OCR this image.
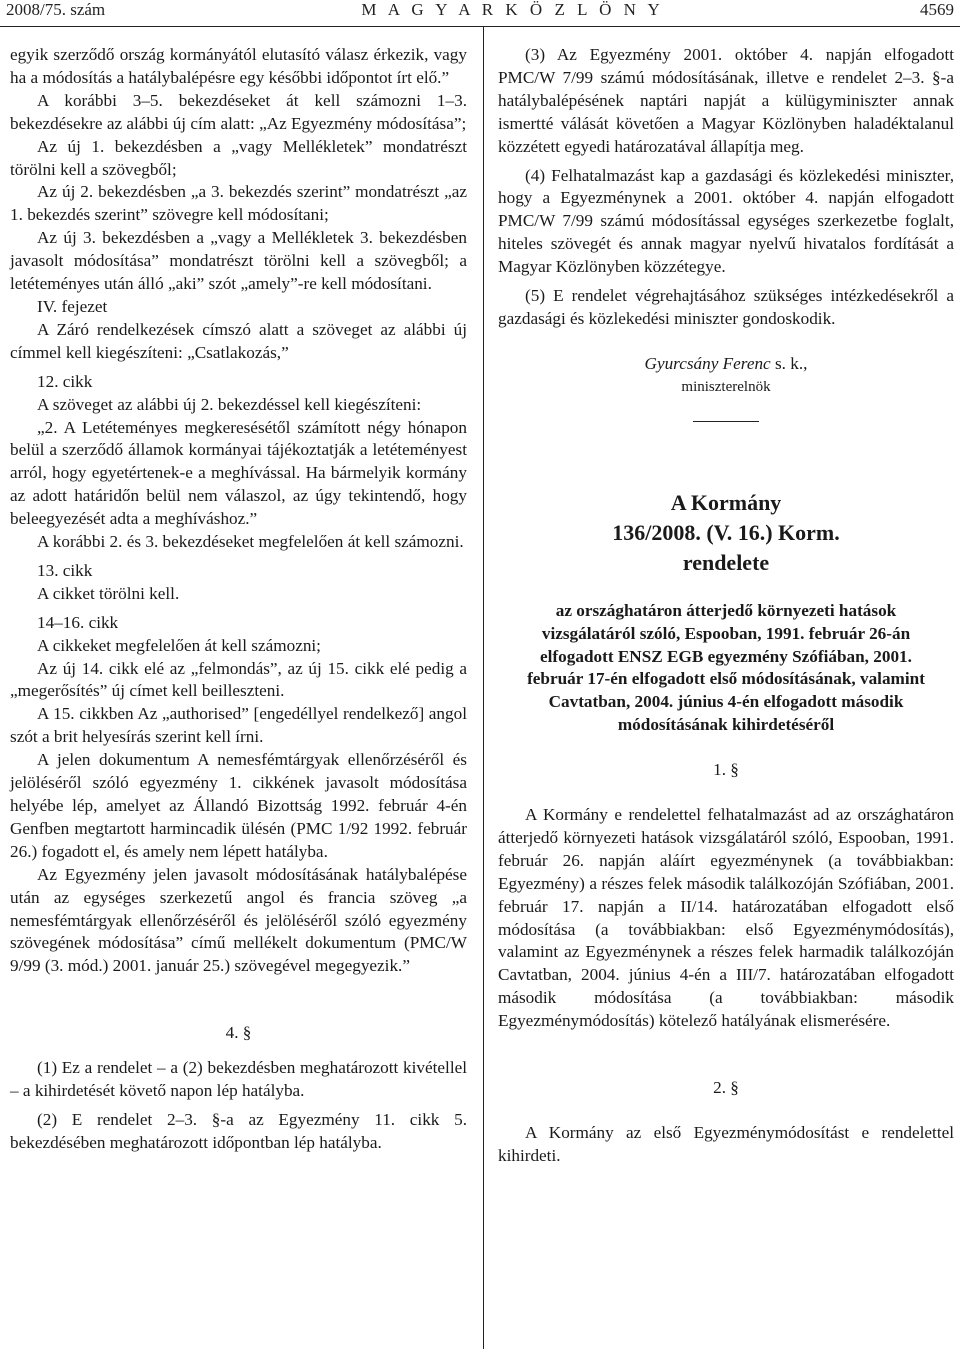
2008/75. szám	M A G Y A R K Ö Z L Ö N Y	4569

egyik szerződő ország kormányától elutasító válasz érkezik, vagy ha a módosítás a hatálybalépésre egy későbbi időpontot írt elő.”

A korábbi 3–5. bekezdéseket át kell számozni 1–3. bekezdésekre az alábbi új cím alatt: „Az Egyezmény módosítása”;

Az új 1. bekezdésben a „vagy Mellékletek” mondatrészt törölni kell a szövegből;

Az új 2. bekezdésben „a 3. bekezdés szerint” mondatrészt „az 1. bekezdés szerint” szövegre kell módosítani;

Az új 3. bekezdésben a „vagy a Mellékletek 3. bekezdésben javasolt módosítása” mondatrészt törölni kell a szövegből; a letéteményes után álló „aki” szót „amely”-re kell módosítani.

IV. fejezet

A Záró rendelkezések címszó alatt a szöveget az alábbi új címmel kell kiegészíteni: „Csatlakozás,”

12. cikk

A szöveget az alábbi új 2. bekezdéssel kell kiegészíteni:

„2. A Letéteményes megkeresésétől számított négy hónapon belül a szerződő államok kormányai tájékoztatják a letéteményest arról, hogy egyetértenek-e a meghívással. Ha bármelyik kormány az adott határidőn belül nem válaszol, az úgy tekintendő, hogy beleegyezését adta a meghíváshoz.”

A korábbi 2. és 3. bekezdéseket megfelelően át kell számozni.

13. cikk

A cikket törölni kell.

14–16. cikk

A cikkeket megfelelően át kell számozni;

Az új 14. cikk elé az „felmondás”, az új 15. cikk elé pedig a „megerősítés” új címet kell beilleszteni.

A 15. cikkben Az „authorised” [engedéllyel rendelkező] angol szót a brit helyesírás szerint kell írni.

A jelen dokumentum A nemesfémtárgyak ellenőrzéséről és jelöléséről szóló egyezmény 1. cikkének javasolt módosítása helyébe lép, amelyet az Állandó Bizottság 1992. február 4-én Genfben megtartott harmincadik ülésén (PMC 1/92 1992. február 26.) fogadott el, és amely nem lépett hatályba.

Az Egyezmény jelen javasolt módosításának hatálybalépése után az egységes szerkezetű angol és francia szöveg „a nemesfémtárgyak ellenőrzéséről és jelöléséről szóló egyezmény szövegének módosítása” című mellékelt dokumentum (PMC/W 9/99 (3. mód.) 2001. január 25.) szövegével megegyezik.”

4. §

(1) Ez a rendelet – a (2) bekezdésben meghatározott kivétellel – a kihirdetését követő napon lép hatályba.

(2) E rendelet 2–3. §-a az Egyezmény 11. cikk 5. bekezdésében meghatározott időpontban lép hatályba.

(3) Az Egyezmény 2001. október 4. napján elfogadott PMC/W 7/99 számú módosításának, illetve e rendelet 2–3. §-a hatálybalépésének naptári napját a külügyminiszter annak ismertté válását követően a Magyar Közlönyben haladéktalanul közzétett egyedi határozatával állapítja meg.

(4) Felhatalmazást kap a gazdasági és közlekedési miniszter, hogy a Egyezménynek a 2001. október 4. napján elfogadott PMC/W 7/99 számú módosítással egységes szerkezetbe foglalt, hiteles szövegét és annak magyar nyelvű hivatalos fordítását a Magyar Közlönyben közzétegye.

(5) E rendelet végrehajtásához szükséges intézkedésekről a gazdasági és közlekedési miniszter gondoskodik.

Gyurcsány Ferenc s. k.,

miniszterelnök

A Kormány

136/2008. (V. 16.) Korm.

rendelete

az országhatáron átterjedő környezeti hatások vizsgálatáról szóló, Espooban, 1991. február 26-án elfogadott ENSZ EGB egyezmény Szófiában, 2001. február 17-én elfogadott első módosításának, valamint Cavtatban, 2004. június 4-én elfogadott második módosításának kihirdetéséről

1. §

A Kormány e rendelettel felhatalmazást ad az országhatáron átterjedő környezeti hatások vizsgálatáról szóló, Espooban, 1991. február 26. napján aláírt egyezménynek (a továbbiakban: Egyezmény) a részes felek második találkozóján Szófiában, 2001. február 17. napján a II/14. határozatában elfogadott első módosítása (a továbbiakban: első Egyezménymódosítás), valamint az Egyezménynek a részes felek harmadik találkozóján Cavtatban, 2004. június 4-én a III/7. határozatában elfogadott második módosítása (a továbbiakban: második Egyezménymódosítás) kötelező hatályának elismerésére.

2. §

A Kormány az első Egyezménymódosítást e rendelettel kihirdeti.
